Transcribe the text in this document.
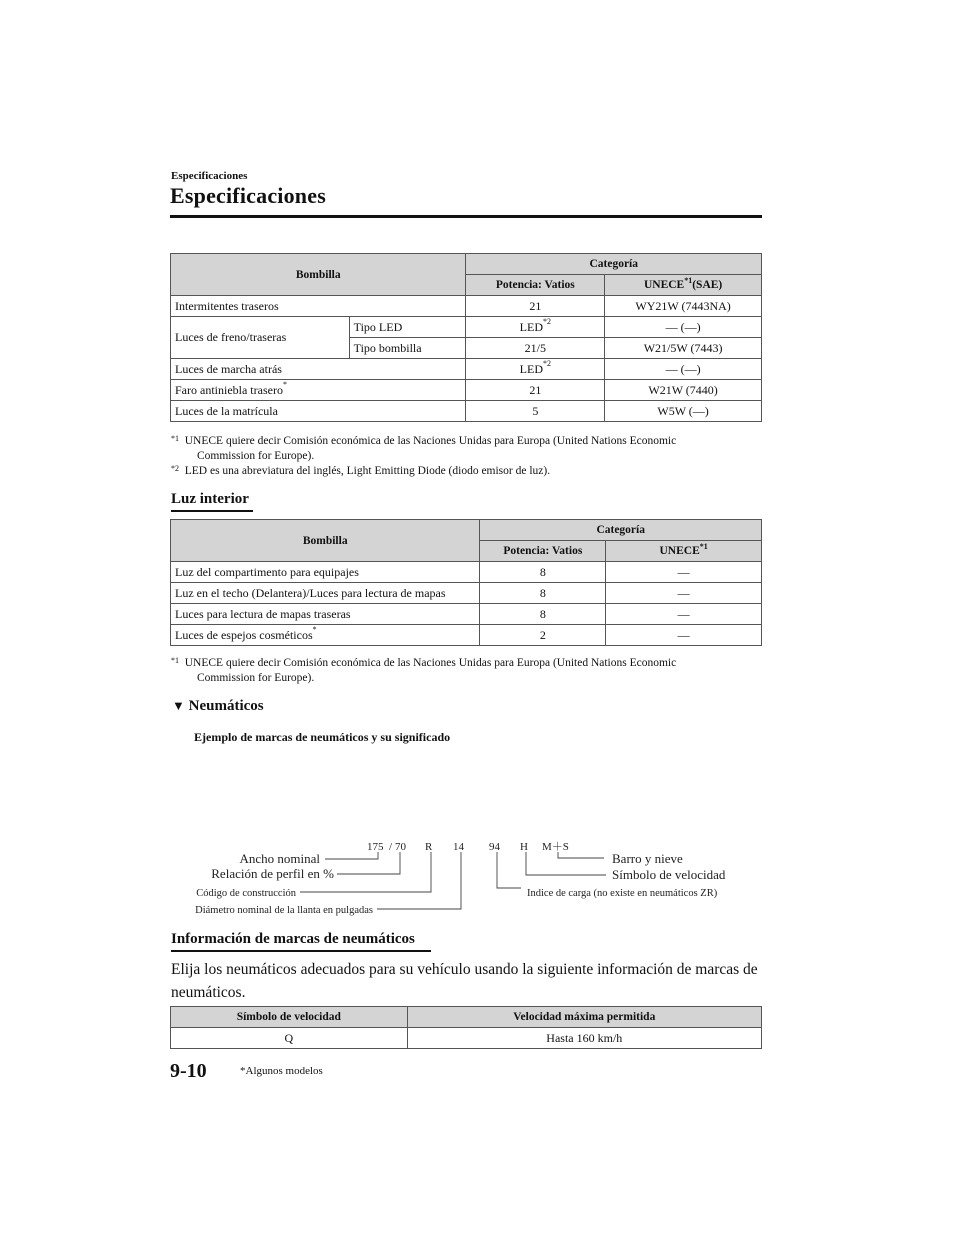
Especificaciones
Especificaciones
Bombilla		Categoría	
		Potencia: Vatios	UNECE$^{*1}$(SAE)
Intermitentes traseros		21	WY21W (7443NA)
Luces de freno/traseras	Tipo LED	LED$^{*2}$	— (—)
	Tipo bombilla	21/5	W21/5W (7443)
Luces de marcha atrás		LED$^{*2}$	— (—)
Faro antiniebla trasero*		21	W21W (7440)
Luces de la matrícula		5	W5W (—)
$^{*1}$ UNECE quiere decir Comisión económica de las Naciones Unidas para Europa (United Nations Economic
Commission for Europe).
$^{*2}$ LED es una abreviatura del inglés, Light Emitting Diode (diodo emisor de luz).
Luz interior
Bombilla	Categoría	
	Potencia: Vatios	UNECE$^{*1}$
Luz del compartimento para equipajes	8	—
Luz en el techo (Delantera)/Luces para lectura de mapas	8	—
Luces para lectura de mapas traseras	8	—
Luces de espejos cosméticos*	2	—
$^{*1}$ UNECE quiere decir Comisión económica de las Naciones Unidas para Europa (United Nations Economic
Commission for Europe).
▼ Neumáticos
Ejemplo de marcas de neumáticos y su significado
175 / 70 R 14 94 H M＋S
Ancho nominal
Relación de perfil en %
Barro y nieve
Símbolo de velocidad
Código de construcción
Diámetro nominal de la llanta en pulgadas
Indice de carga (no existe en neumáticos ZR)
Información de marcas de neumáticos
Elija los neumáticos adecuados para su vehículo usando la siguiente información de marcas de neumáticos.
Símbolo de velocidad	Velocidad máxima permitida
Q	Hasta 160 km/h
9-10	*Algunos modelos
